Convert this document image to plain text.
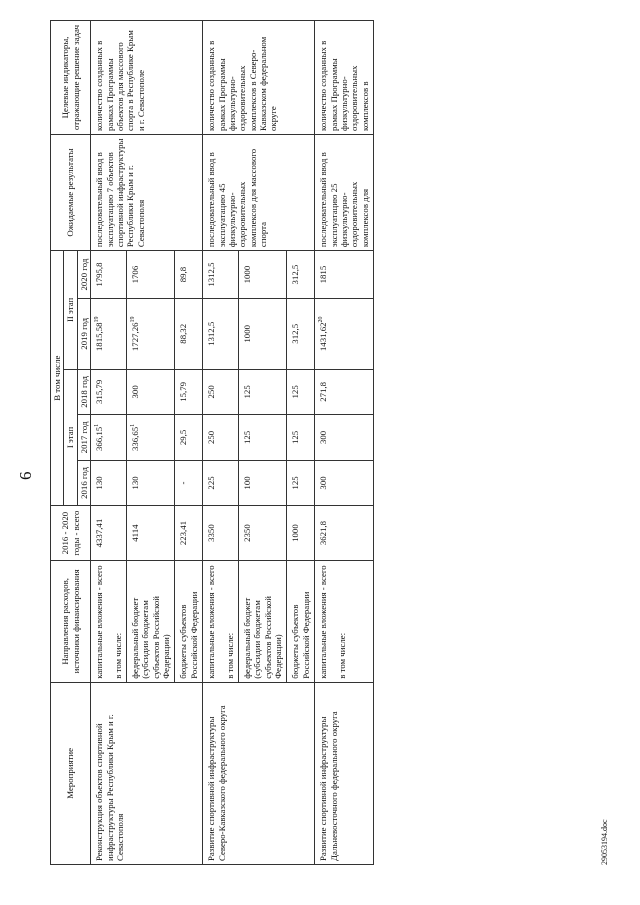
6
Мероприятие	Направления расходов, источники финансирования	2016 - 2020 годы - всего	В том числе					Ожидаемые результаты	Целевые индикаторы, отражающие решение задач
			I этап			II этап			
			2016 год	2017 год	2018 год	2019 год	2020 год		
Реконструкция объектов спортивной инфраструктуры Республики Крым и г. Севастополя	капитальные вложения - всего в том числе:	4337,41	130	366,15$^1$	315,79	1815,58$^{19}$	1795,8	последовательный ввод в эксплуатацию 7 объектов спортивной инфраструктуры Республики Крым и г. Севастополя	количество созданных в рамках Программы объектов для массового спорта в Республике Крым и г. Севастополе
	федеральный бюджет (субсидии бюджетам субъектов Российской Федерации)	4114	130	336,65$^1$	300	1727,26$^{19}$	1706		
	бюджеты субъектов Российской Федерации	223,41	-	29,5	15,79	88,32	89,8		
Развитие спортивной инфраструктуры Северо-Кавказского федерального округа	капитальные вложения - всего в том числе:	3350	225	250	250	1312,5	1312,5	последовательный ввод в эксплуатацию 45 физкультурно-оздоровительных комплексов для массового спорта	количество созданных в рамках Программы физкультурно-оздоровительных комплексов в Северо-Кавказском федеральном округе
	федеральный бюджет (субсидии бюджетам субъектов Российской Федерации)	2350	100	125	125	1000	1000		
	бюджеты субъектов Российской Федерации	1000	125	125	125	312,5	312,5		
Развитие спортивной инфраструктуры Дальневосточного федерального округа	капитальные вложения - всего в том числе:	3621,8	300	300	271,8	1431,62$^{20}$	1815	последовательный ввод в эксплуатацию 25 физкультурно-оздоровительных комплексов для	количество созданных в рамках Программы физкультурно-оздоровительных комплексов в
29053194.doc
